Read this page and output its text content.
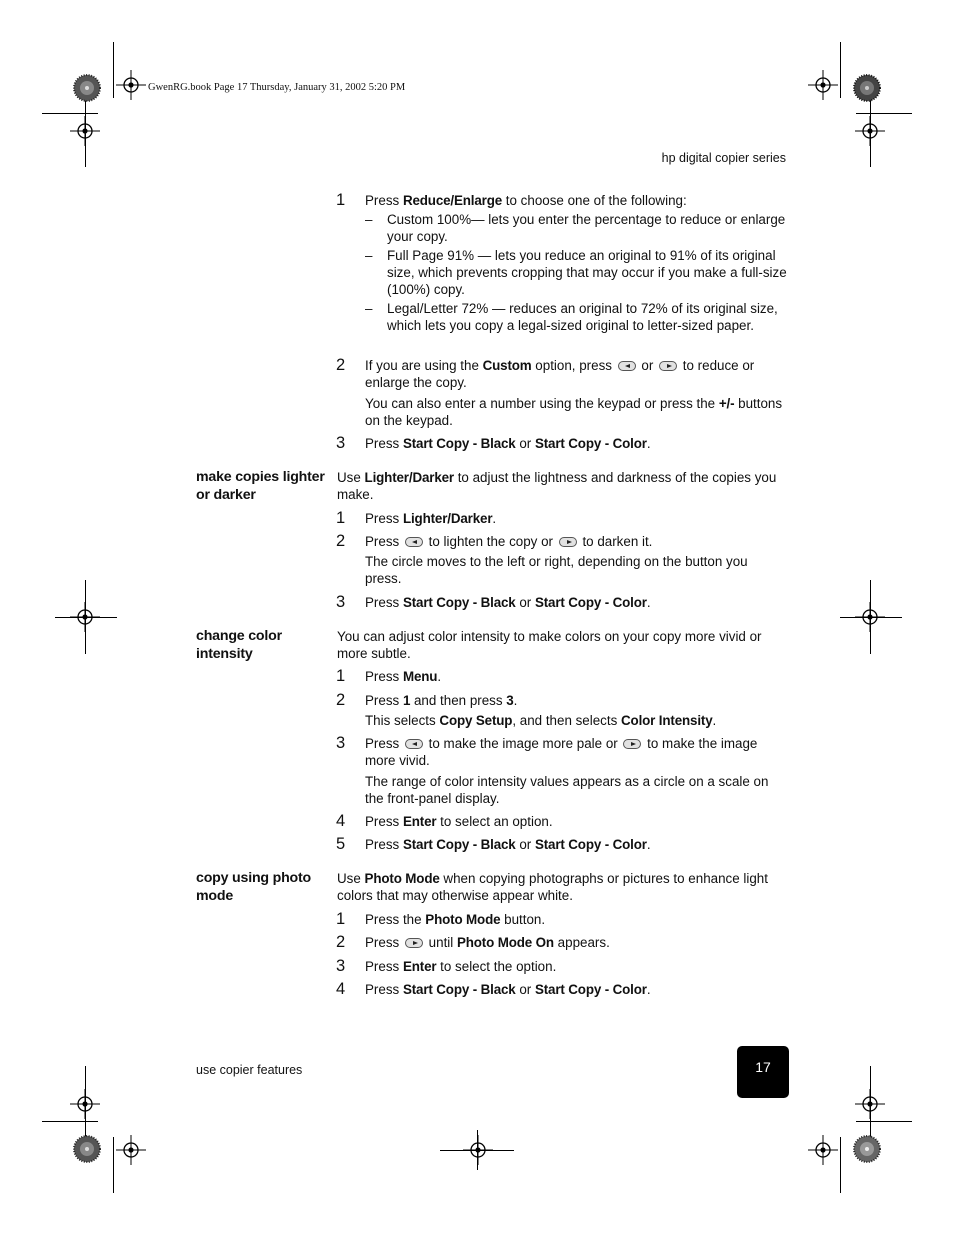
GwenRG.book Page 17 Thursday, January 31, 2002 5:20 PM
hp digital copier series
1 Press Reduce/Enlarge to choose one of the following:
– Custom 100%— lets you enter the percentage to reduce or enlarge your copy.
– Full Page 91% — lets you reduce an original to 91% of its original size, which prevents cropping that may occur if you make a full-size (100%) copy.
– Legal/Letter 72% — reduces an original to 72% of its original size, which lets you copy a legal-sized original to letter-sized paper.
2 If you are using the Custom option, press  or  to reduce or enlarge the copy.
You can also enter a number using the keypad or press the +/- buttons on the keypad.
3 Press Start Copy - Black or Start Copy - Color.
make copies lighter or darker
Use Lighter/Darker to adjust the lightness and darkness of the copies you make.
1 Press Lighter/Darker.
2 Press  to lighten the copy or  to darken it.
The circle moves to the left or right, depending on the button you press.
3 Press Start Copy - Black or Start Copy - Color.
change color intensity
You can adjust color intensity to make colors on your copy more vivid or more subtle.
1 Press Menu.
2 Press 1 and then press 3.
This selects Copy Setup, and then selects Color Intensity.
3 Press  to make the image more pale or  to make the image more vivid.
The range of color intensity values appears as a circle on a scale on the front-panel display.
4 Press Enter to select an option.
5 Press Start Copy - Black or Start Copy - Color.
copy using photo mode
Use Photo Mode when copying photographs or pictures to enhance light colors that may otherwise appear white.
1 Press the Photo Mode button.
2 Press  until Photo Mode On appears.
3 Press Enter to select the option.
4 Press Start Copy - Black or Start Copy - Color.
use copier features	17
